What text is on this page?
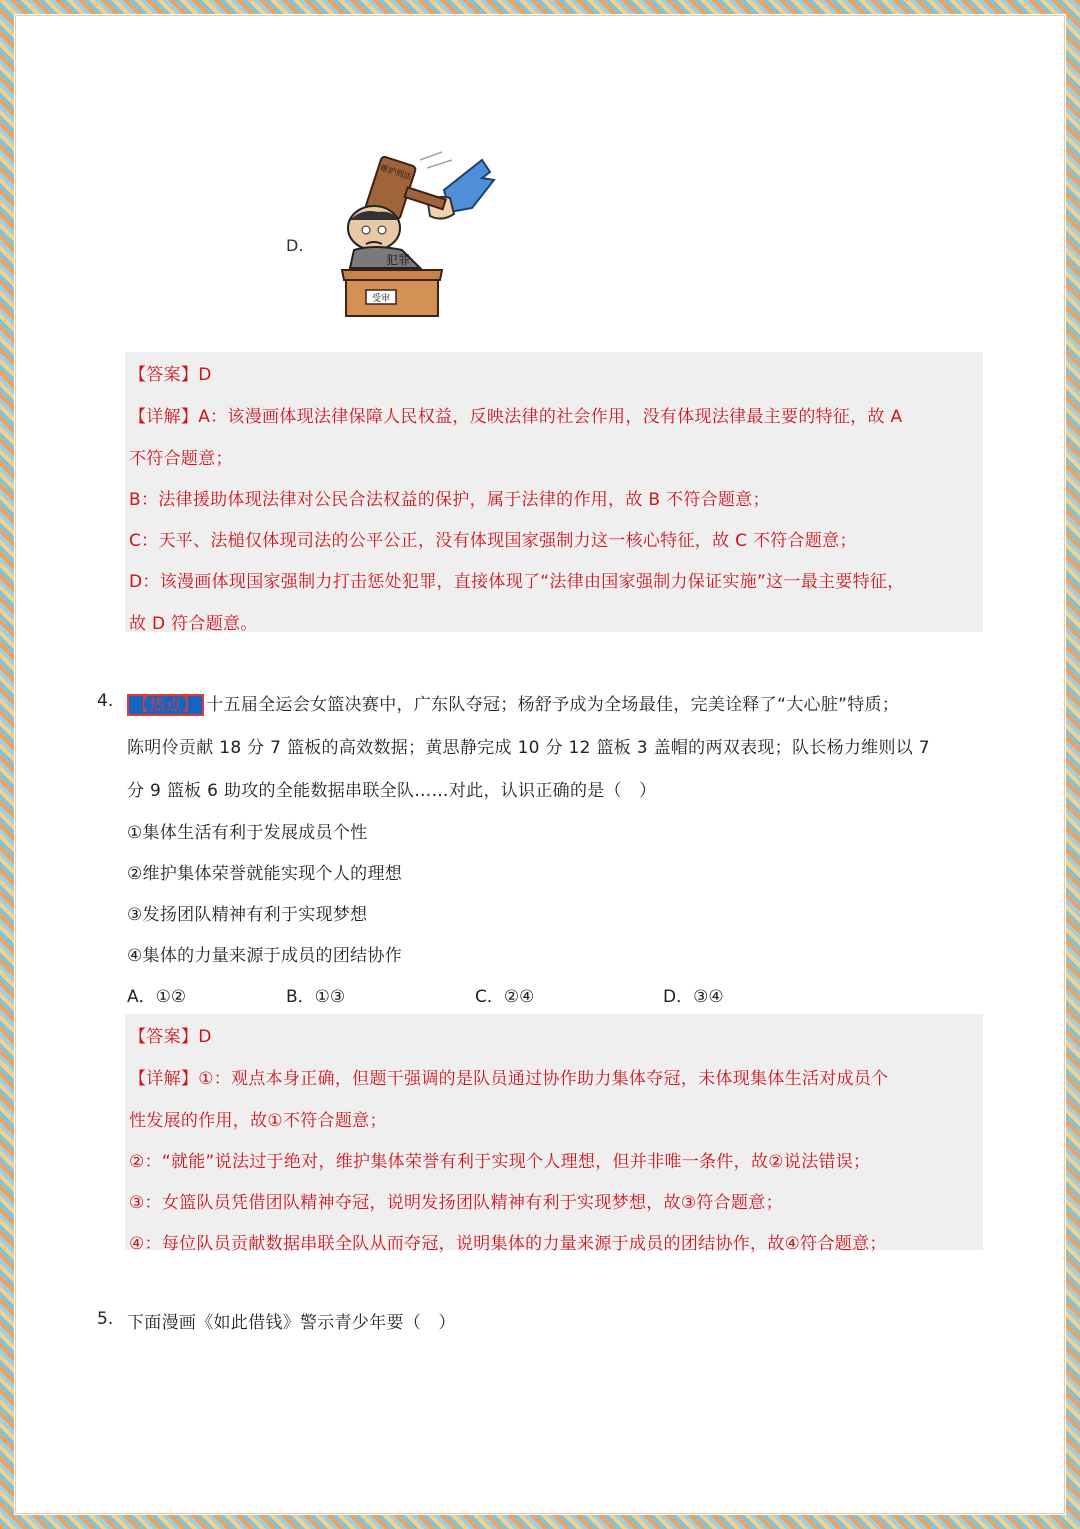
D.
维护刑法
犯罪
受审
【答案】D
【详解】A：该漫画体现法律保障人民权益，反映法律的社会作用，没有体现法律最主要的特征，故 A
不符合题意；
B：法律援助体现法律对公民合法权益的保护，属于法律的作用，故 B 不符合题意；
C：天平、法槌仅体现司法的公平公正，没有体现国家强制力这一核心特征，故 C 不符合题意；
D：该漫画体现国家强制力打击惩处犯罪，直接体现了“法律由国家强制力保证实施”这一最主要特征，
故 D 符合题意。
4.	【热点】 十五届全运会女篮决赛中，广东队夺冠；杨舒予成为全场最佳，完美诠释了“大心脏”特质；
陈明伶贡献 18 分 7 篮板的高效数据；黄思静完成 10 分 12 篮板 3 盖帽的两双表现；队长杨力维则以 7
分 9 篮板 6 助攻的全能数据串联全队……对此，认识正确的是（　）
①集体生活有利于发展成员个性
②维护集体荣誉就能实现个人的理想
③发扬团队精神有利于实现梦想
④集体的力量来源于成员的团结协作
A．①②	B．①③	C．②④	D．③④
【答案】D
【详解】①：观点本身正确，但题干强调的是队员通过协作助力集体夺冠，未体现集体生活对成员个
性发展的作用，故①不符合题意；
②：“就能”说法过于绝对，维护集体荣誉有利于实现个人理想，但并非唯一条件，故②说法错误；
③：女篮队员凭借团队精神夺冠，说明发扬团队精神有利于实现梦想，故③符合题意；
④：每位队员贡献数据串联全队从而夺冠，说明集体的力量来源于成员的团结协作，故④符合题意；
5. 下面漫画《如此借钱》警示青少年要（　）
